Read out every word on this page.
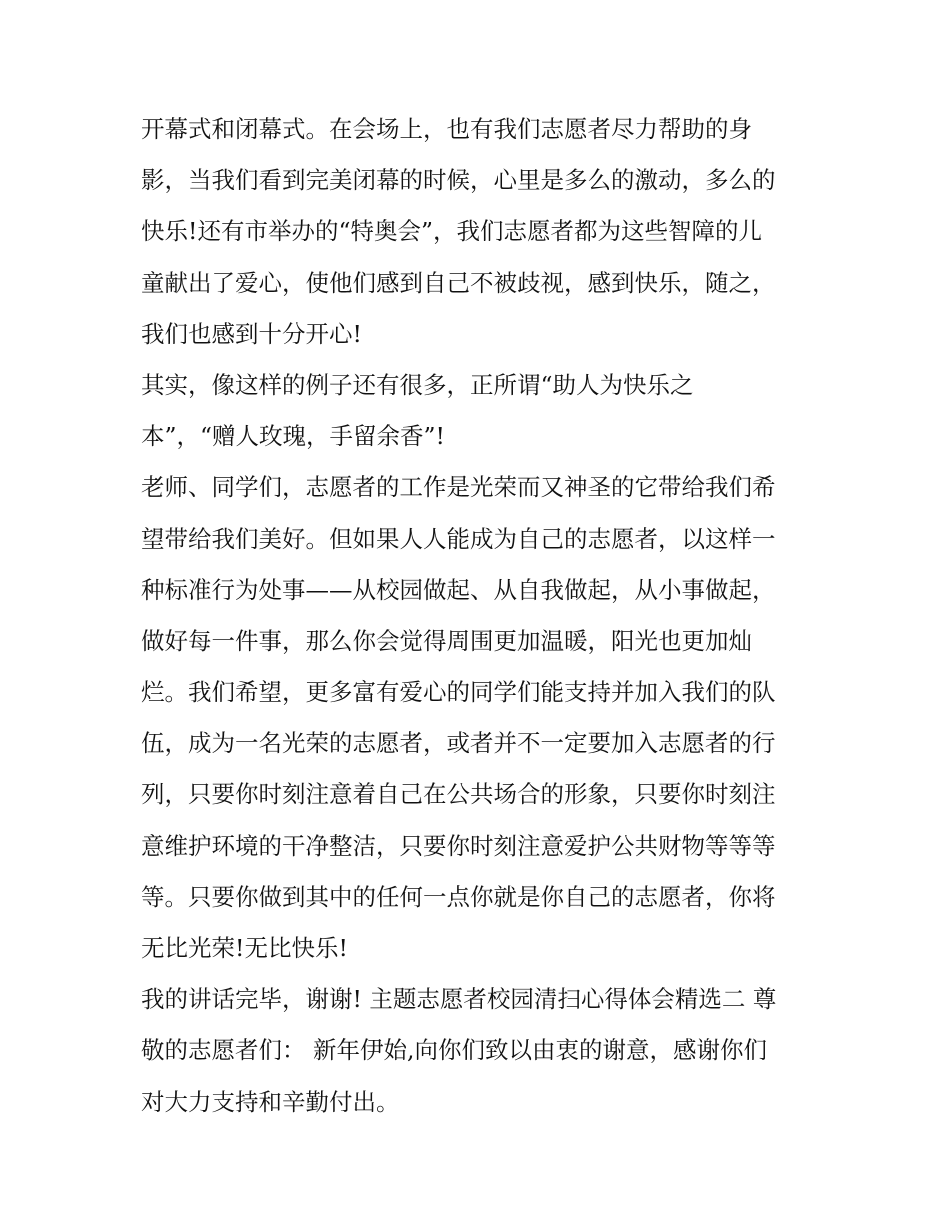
开幕式和闭幕式。在会场上，也有我们志愿者尽力帮助的身
影，当我们看到完美闭幕的时候，心里是多么的激动，多么的
快乐!还有市举办的“特奥会”，我们志愿者都为这些智障的儿
童献出了爱心，使他们感到自己不被歧视，感到快乐，随之，
我们也感到十分开心!
其实，像这样的例子还有很多，正所谓“助人为快乐之
本”，“赠人玫瑰，手留余香”!
老师、同学们，志愿者的工作是光荣而又神圣的它带给我们希
望带给我们美好。但如果人人能成为自己的志愿者，以这样一
种标准行为处事——从校园做起、从自我做起，从小事做起，
做好每一件事，那么你会觉得周围更加温暖，阳光也更加灿
烂。我们希望，更多富有爱心的同学们能支持并加入我们的队
伍，成为一名光荣的志愿者，或者并不一定要加入志愿者的行
列，只要你时刻注意着自己在公共场合的形象，只要你时刻注
意维护环境的干净整洁，只要你时刻注意爱护公共财物等等等
等。只要你做到其中的任何一点你就是你自己的志愿者，你将
无比光荣!无比快乐!
我的讲话完毕，谢谢! 主题志愿者校园清扫心得体会精选二 尊
敬的志愿者们： 新年伊始,向你们致以由衷的谢意，感谢你们
对大力支持和辛勤付出。
